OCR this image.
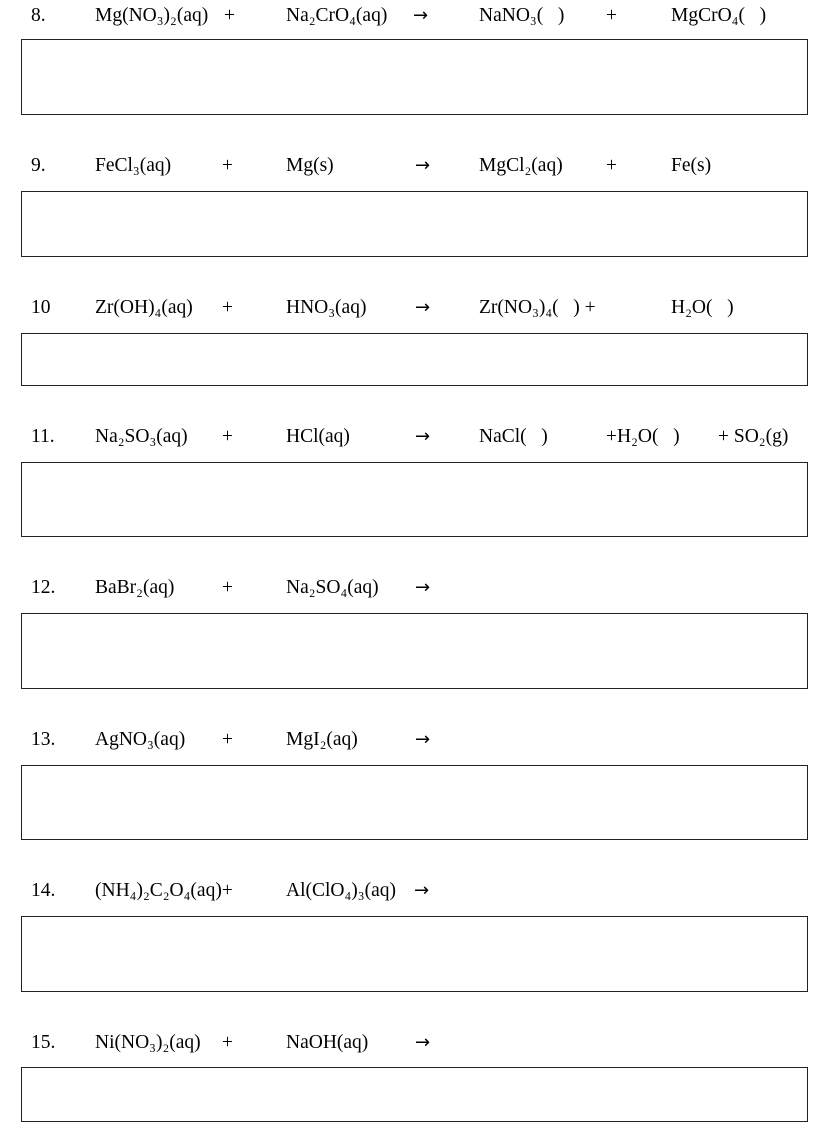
8.	Mg(NO₃)₂(aq) +	Na₂CrO₄(aq) →	NaNO₃(   ) +	MgCrO₄(   )
9.	FeCl₃(aq)	+	Mg(s)	→	MgCl₂(aq) +	Fe(s)
10 Zr(OH)₄(aq) +	HNO₃(aq)	→	Zr(NO₃)₄(   ) +	H₂O(   )
11. Na₂SO₃(aq) +	HCl(aq)	→	NaCl(   )	+H₂O(   ) + SO₂(g)
12. BaBr₂(aq) +	Na₂SO₄(aq) →
13. AgNO₃(aq) +	MgI₂(aq)	→
14. (NH₄)₂C₂O₄(aq)+	Al(ClO₄)₃(aq) →
15. Ni(NO₃)₂(aq) +	NaOH(aq)	→
